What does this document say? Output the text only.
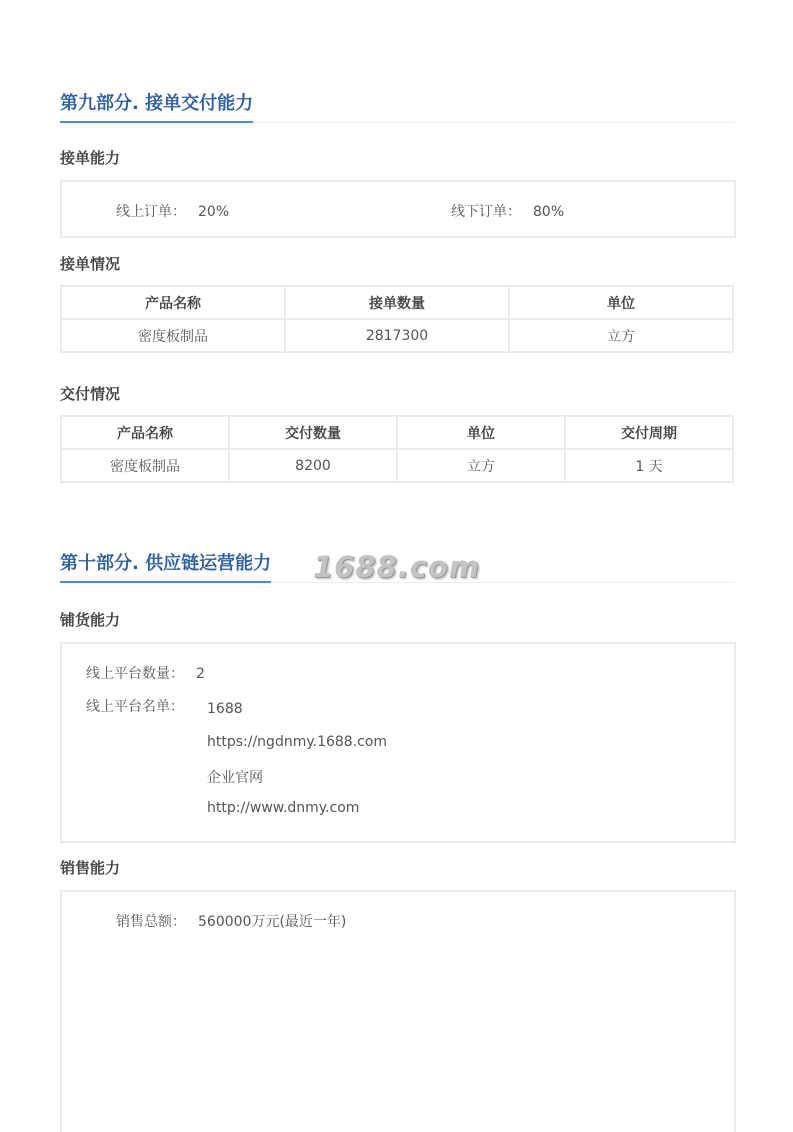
第九部分. 接单交付能力
接单能力
线上订单： 20%	线下订单： 80%
接单情况
产品名称	接单数量	单位
密度板制品	2817300	立方
交付情况
产品名称	交付数量	单位	交付周期
密度板制品	8200	立方	1 天
第十部分. 供应链运营能力 1688.com
铺货能力
线上平台数量： 2
线上平台名单： 1688
https://ngdnmy.1688.com
企业官网
http://www.dnmy.com
销售能力
销售总额： 560000万元(最近一年)
